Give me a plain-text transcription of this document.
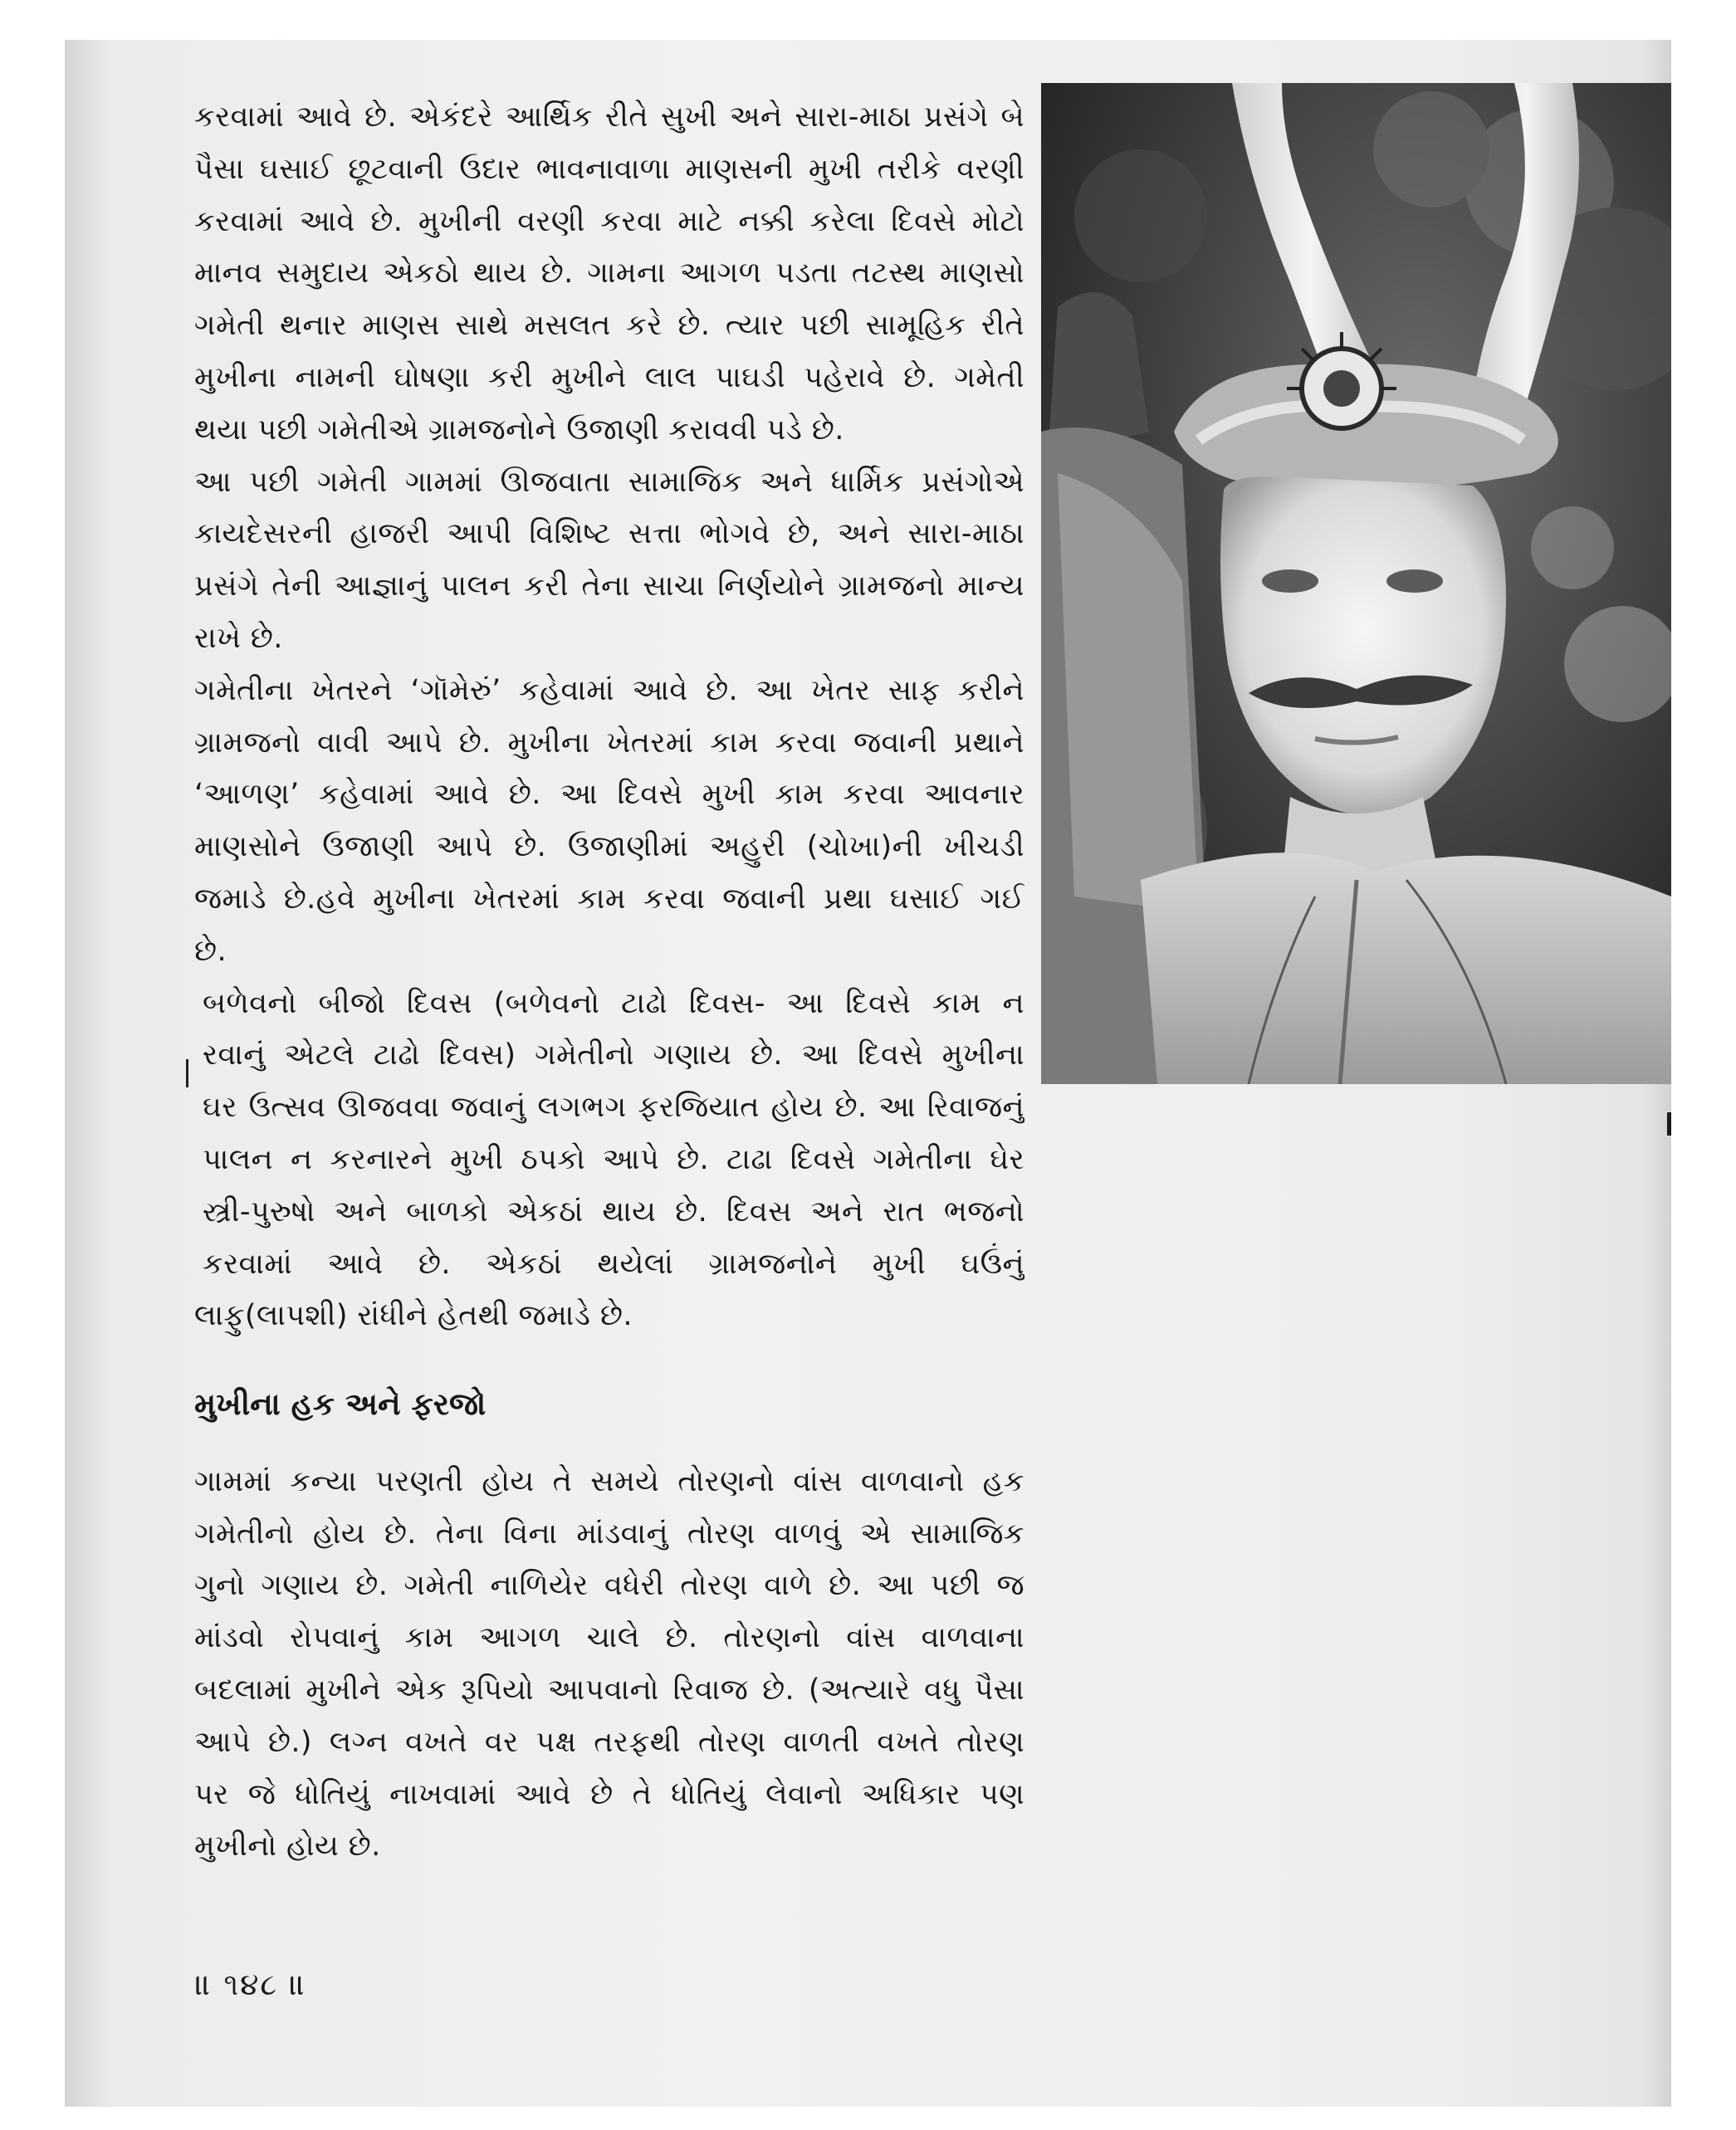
કરવામાં આવે છે. એકંદરે આર્થિક રીતે સુખી અને સારા-માઠા પ્રસંગે બે

પૈસા ઘસાઈ છૂટવાની ઉદાર ભાવનાવાળા માણસની મુખી તરીકે વરણી

કરવામાં આવે છે. મુખીની વરણી કરવા માટે નક્કી કરેલા દિવસે મોટો

માનવ સમુદાય એકઠો થાય છે. ગામના આગળ પડતા તટસ્થ માણસો

ગમેતી થનાર માણસ સાથે મસલત કરે છે. ત્યાર પછી સામૂહિક રીતે

મુખીના નામની ઘોષણા કરી મુખીને લાલ પાઘડી પહેરાવે છે. ગમેતી

થયા પછી ગમેતીએ ગ્રામજનોને ઉજાણી કરાવવી પડે છે.

આ પછી ગમેતી ગામમાં ઊજવાતા સામાજિક અને ધાર્મિક પ્રસંગોએ

કાયદેસરની હાજરી આપી વિશિષ્ટ સત્તા ભોગવે છે, અને સારા-માઠા

પ્રસંગે તેની આજ્ઞાનું પાલન કરી તેના સાચા નિર્ણયોને ગ્રામજનો માન્ય

રાખે છે.

ગમેતીના ખેતરને ‘ગૉમેરું’ કહેવામાં આવે છે. આ ખેતર સાફ કરીને

ગ્રામજનો વાવી આપે છે. મુખીના ખેતરમાં કામ કરવા જવાની પ્રથાને

‘આળણ’ કહેવામાં આવે છે. આ દિવસે મુખી કામ કરવા આવનાર

માણસોને ઉજાણી આપે છે. ઉજાણીમાં અહુરી (ચોખા)ની ખીચડી

જમાડે છે.હવે મુખીના ખેતરમાં કામ કરવા જવાની પ્રથા ઘસાઈ ગઈ

છે.

બળેવનો બીજો દિવસ (બળેવનો ટાઢો દિવસ- આ દિવસે કામ ન

રવાનું એટલે ટાઢો દિવસ) ગમેતીનો ગણાય છે. આ દિવસે મુખીના

ઘર ઉત્સવ ઊજવવા જવાનું લગભગ ફરજિયાત હોય છે. આ રિવાજનું

પાલન ન કરનારને મુખી ઠપકો આપે છે. ટાઢા દિવસે ગમેતીના ઘેર

સ્ત્રી-પુરુષો અને બાળકો એકઠાં થાય છે. દિવસ અને રાત ભજનો

કરવામાં આવે છે. એકઠાં થયેલાં ગ્રામજનોને મુખી ઘઉંનું

લાફુ(લાપશી) રાંધીને હેતથી જમાડે છે.

મુખીના હક અને ફરજો

ગામમાં કન્યા પરણતી હોય તે સમયે તોરણનો વાંસ વાળવાનો હક

ગમેતીનો હોય છે. તેના વિના માંડવાનું તોરણ વાળવું એ સામાજિક

ગુનો ગણાય છે. ગમેતી નાળિયેર વધેરી તોરણ વાળે છે. આ પછી જ

માંડવો રોપવાનું કામ આગળ ચાલે છે. તોરણનો વાંસ વાળવાના

બદલામાં મુખીને એક રૂપિયો આપવાનો રિવાજ છે. (અત્યારે વધુ પૈસા

આપે છે.) લગ્ન વખતે વર પક્ષ તરફથી તોરણ વાળતી વખતે તોરણ

પર જે ધોતિયું નાખવામાં આવે છે તે ધોતિયું લેવાનો અધિકાર પણ

મુખીનો હોય છે.

॥ ૧૪૮ ॥
